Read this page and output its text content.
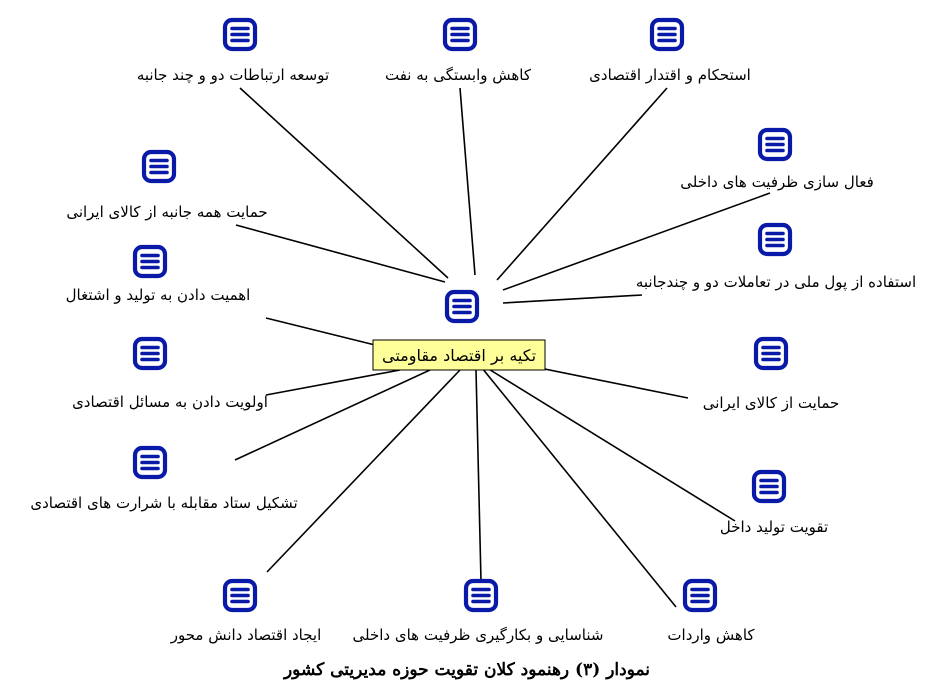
توسعه ارتباطات دو و چند جانبه	کاهش وابستگی به نفت	استحکام و اقتدار اقتصادی
فعال سازی ظرفیت های داخلی
استفاده از پول ملی در تعاملات دو و چندجانبه
حمایت از کالای ایرانی
تقویت تولید داخل
کاهش واردات
شناسایی و بکارگیری ظرفیت های داخلی
ایجاد اقتصاد دانش محور
تشکیل ستاد مقابله با شرارت های اقتصادی
اولویت دادن به مسائل اقتصادی
اهمیت دادن به تولید و اشتغال
حمایت همه جانبه از کالای ایرانی
تکیه بر اقتصاد مقاومتی
نمودار (۳) رهنمود کلان تقویت حوزه مدیریتی کشور
